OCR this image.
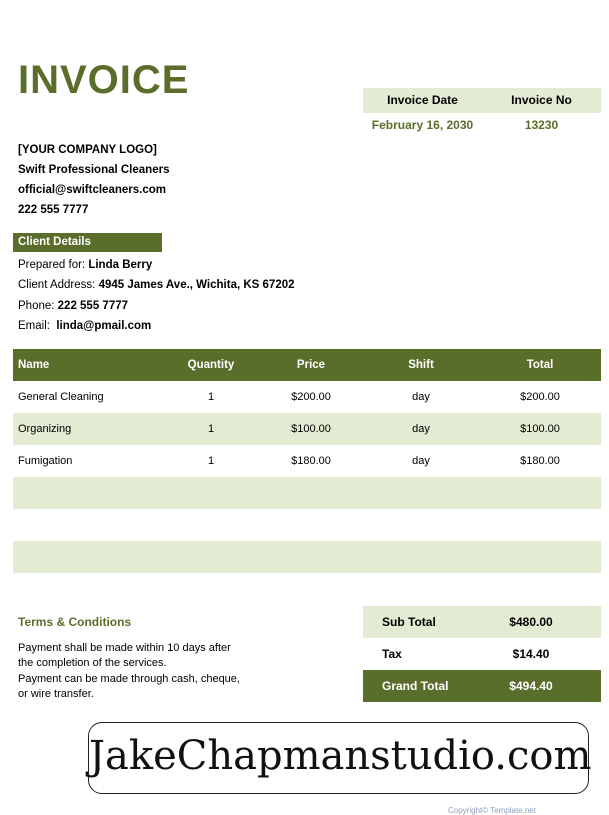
INVOICE	Invoice Date	Invoice No
February 16, 2030	13230
[YOUR COMPANY LOGO]
Swift Professional Cleaners
official@swiftcleaners.com
222 555 7777
Client Details
Prepared for: Linda Berry
Client Address: 4945 James Ave., Wichita, KS 67202
Phone: 222 555 7777
Email: linda@pmail.com
Name	Quantity	Price	Shift	Total
General Cleaning	1	$200.00	day	$200.00
Organizing	1	$100.00	day	$100.00
Fumigation	1	$180.00	day	$180.00

Terms & Conditions
Payment shall be made within 10 days after
the completion of the services.
Payment can be made through cash, cheque,
or wire transfer.
Sub Total	$480.00
Tax	$14.40
Grand Total	$494.40
JakeChapmanstudio.com
Copyright© Template.net
